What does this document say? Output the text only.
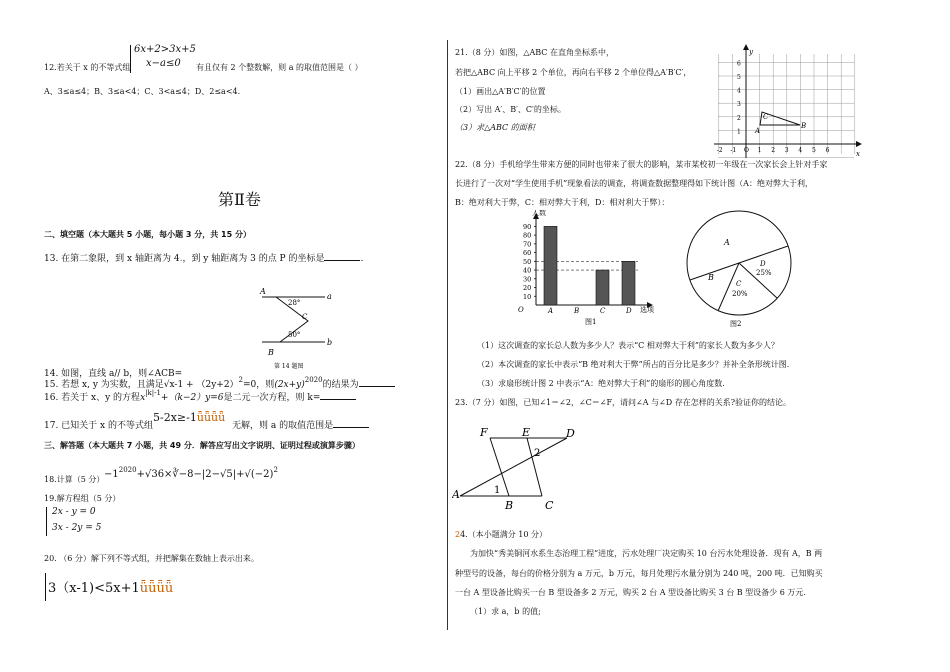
12.若关于 x 的不等式组
6x+2>3x+5
x−a≤0 有且仅有 2 个整数解，则 a 的取值范围是（ ）
A、3≤a≤4；B、3≤a<4；C、3<a≤4；D、2≤a<4.
第Ⅱ卷
二、填空题（本大题共 5 小题，每小题 3 分，共 15 分）
13. 在第二象限，到 x 轴距离为 4.，到 y 轴距离为 3 的点 P 的坐标是	.
A
a
28°
C
50°
B
b
第 14 题图
14. 如图，直线 a// b，则∠ACB=
15. 若想 x, y 为实数，且满足$√x-1 + (2y+2)^2=0$，则$(2x+y)^{2020}$的结果为
16. 若关于 x、y 的方程$x^{|k|-1}+(k-2)y=6$是二元一次方程，则 k=
17. 已知关于 x 的不等式组
5-2x≥-1ǖǖǖǖ
无解，则 a 的取值范围是
三、解答题（本大题共 7 小题，共 49 分．解答应写出文字说明、证明过程或演算步骤）
18.计算（5 分） $-1^{2020}+√36\times∛-8-|2-√5|+√(-2)^2$
19.解方程组（5 分）
2x - y = 0
3x - 2y = 5
20. （6 分）解下列不等式组，并把解集在数轴上表示出来。
3（x-1)<5x+1ǖǖǖǖ
21.（8 分）如图，△ABC 在直角坐标系中，
若把△ABC 向上平移 2 个单位，再向右平移 2 个单位得△A′B′C′，
（1）画出△A′B′C′的位置
（2）写出 A′、B′、C′的坐标。
（3）求△ABC 的面积
y
x
A
C
B
6
5
4
3
2
1
-2 -1 O 1 2 3 4 5 6
22.（8 分）手机给学生带来方便的同时也带来了很大的影响，某市某校初一年级在一次家长会上针对手家
长进行了一次对“学生使用手机”现象看法的调查，将调查数据整理得如下统计图（A：绝对弊大于利，
B：绝对利大于弊，C：相对弊大于利，D：相对利大于弊）：
10
20
30
40
50
60
70
80
90
A	B	C	D
人数
选项
O
图1
A
B
C
20%
D
25%
图2
（1）这次调查的家长总人数为多少人？表示“C 相对弊大于利”的家长人数为多少人？
（2）本次调查的家长中表示“B 绝对利大于弊”所占的百分比是多少？并补全条形统计图.
（3）求扇形统计图 2 中表示“A：绝对弊大于利”的扇形的圆心角度数.
23.（7 分）如图，已知∠1＝∠2，∠C＝∠F，请问∠A 与∠D 存在怎样的关系?验证你的结论。
F	E	D
A
B	C
1
2
24.（本小题满分 10 分）
为加快“秀美铜河水系生态治理工程”进度，污水处理厂决定购买 10 台污水处理设备．现有 A，B 两
种型号的设备，每台的价格分别为 a 万元，b 万元，每月处理污水量分别为 240 吨，200 吨．已知购买
一台 A 型设备比购买一台 B 型设备多 2 万元，购买 2 台 A 型设备比购买 3 台 B 型设备少 6 万元.
（1）求 a，b 的值;
